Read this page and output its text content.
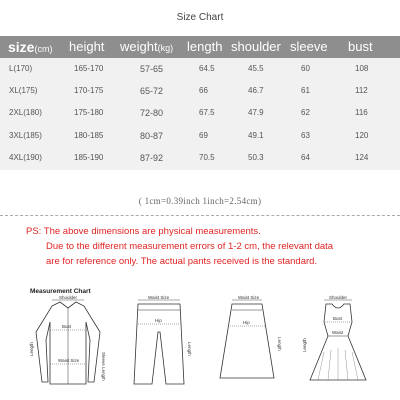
Size Chart
size(cm) height weight(kg) length shoulder sleeve bust
L(170)	165-170	57-65	64.5	45.5	60	108
XL(175)	170-175	65-72	66	46.7	61	112
2XL(180)	175-180	72-80	67.5	47.9	62	116
3XL(185)	180-185	80-87	69	49.1	63	120
4XL(190)	185-190	87-92	70.5	50.3	64	124
( 1cm=0.39inch 1inch=2.54cm)
PS: The above dimensions are physical measurements.
Due to the different measurement errors of 1-2 cm, the relevant data
are for reference only. The actual pants received is the standard.
Measurement Chart
Shoulder
Bust
Waist Size	Sleeve Length
Length
Waist Size
Hip
Length
Waist Size
Hip
Length
Shoulder
Bust
Waist
Length
